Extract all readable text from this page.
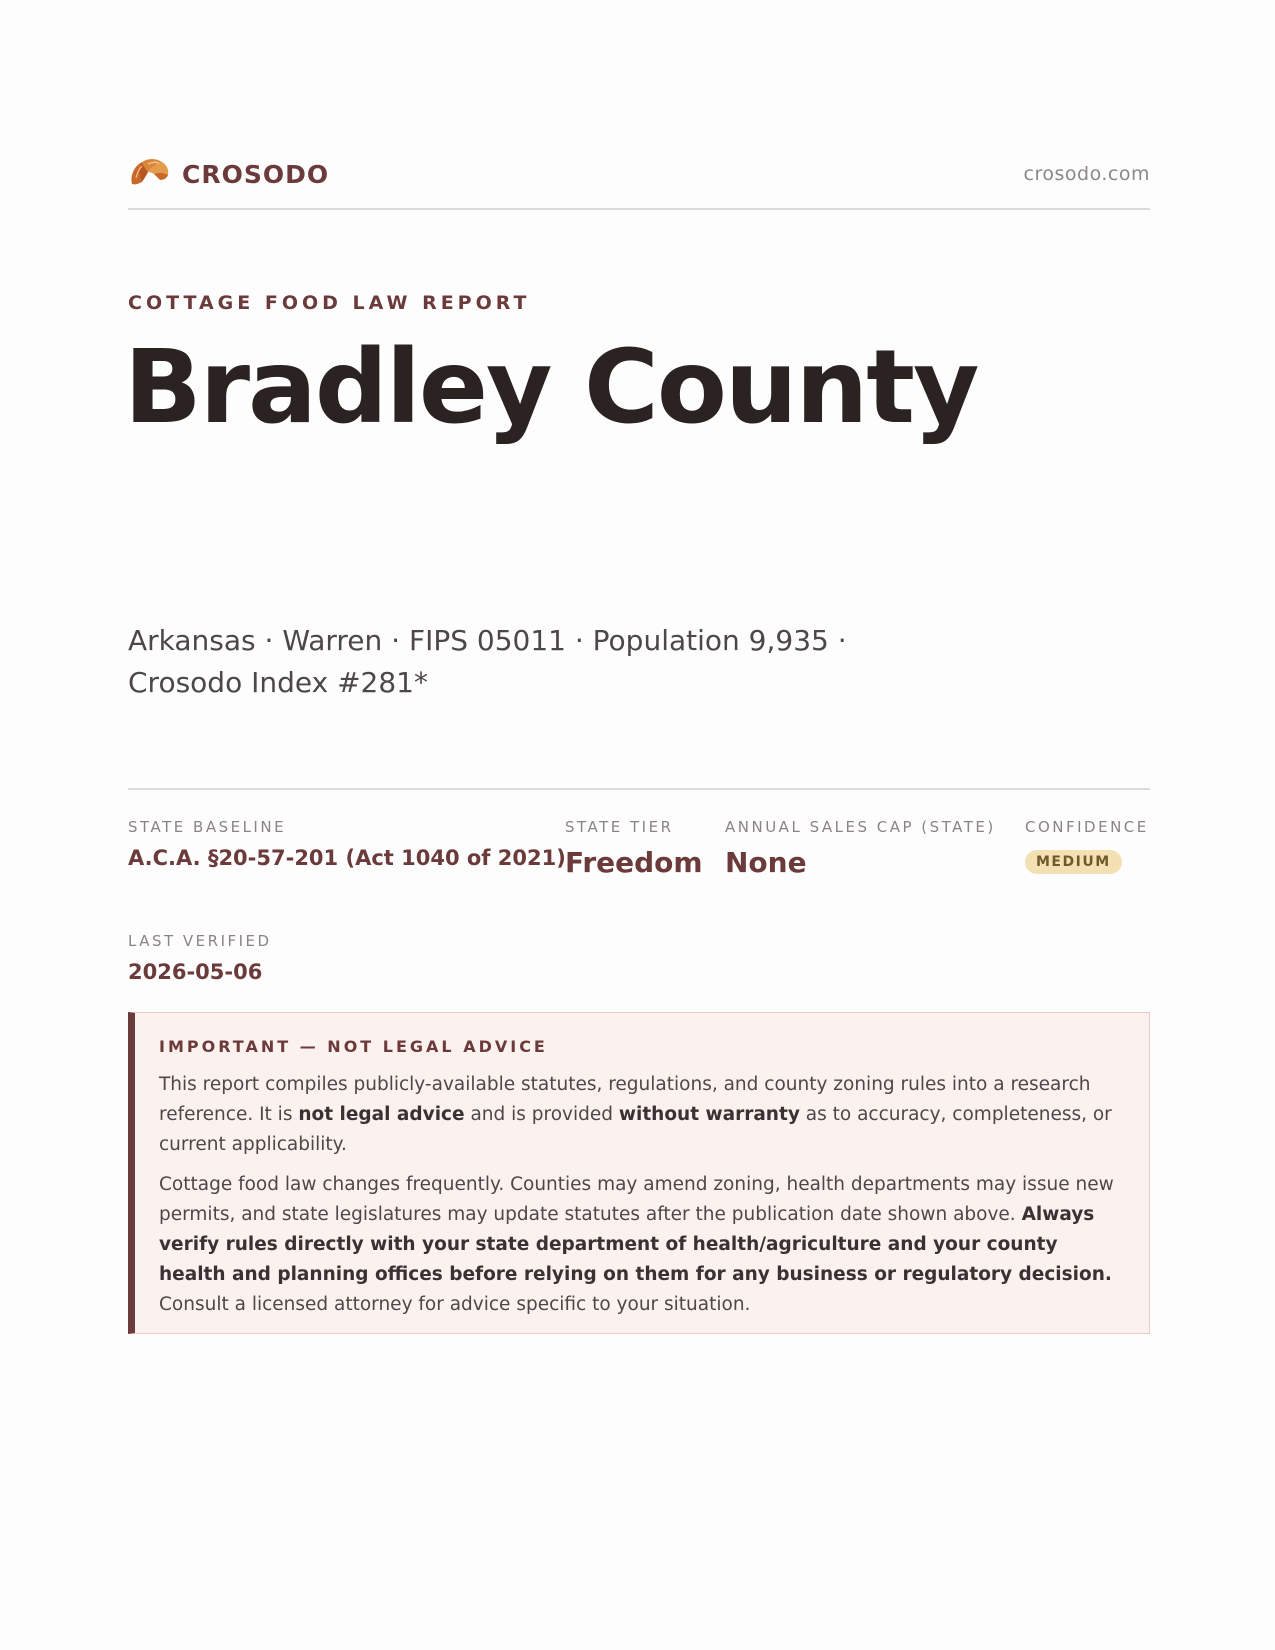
CROSODO	crosodo.com
COTTAGE FOOD LAW REPORT
Bradley County
Arkansas · Warren · FIPS 05011 · Population 9,935 · Crosodo Index #281*
STATE BASELINE
A.C.A. §20-57-201 (Act 1040 of 2021)
STATE TIER
Freedom
ANNUAL SALES CAP (STATE)
None
CONFIDENCE
MEDIUM
LAST VERIFIED
2026-05-06
IMPORTANT — NOT LEGAL ADVICE

This report compiles publicly-available statutes, regulations, and county zoning rules into a research reference. It is not legal advice and is provided without warranty as to accuracy, completeness, or current applicability.

Cottage food law changes frequently. Counties may amend zoning, health departments may issue new permits, and state legislatures may update statutes after the publication date shown above. Always verify rules directly with your state department of health/agriculture and your county health and planning offices before relying on them for any business or regulatory decision. Consult a licensed attorney for advice specific to your situation.
